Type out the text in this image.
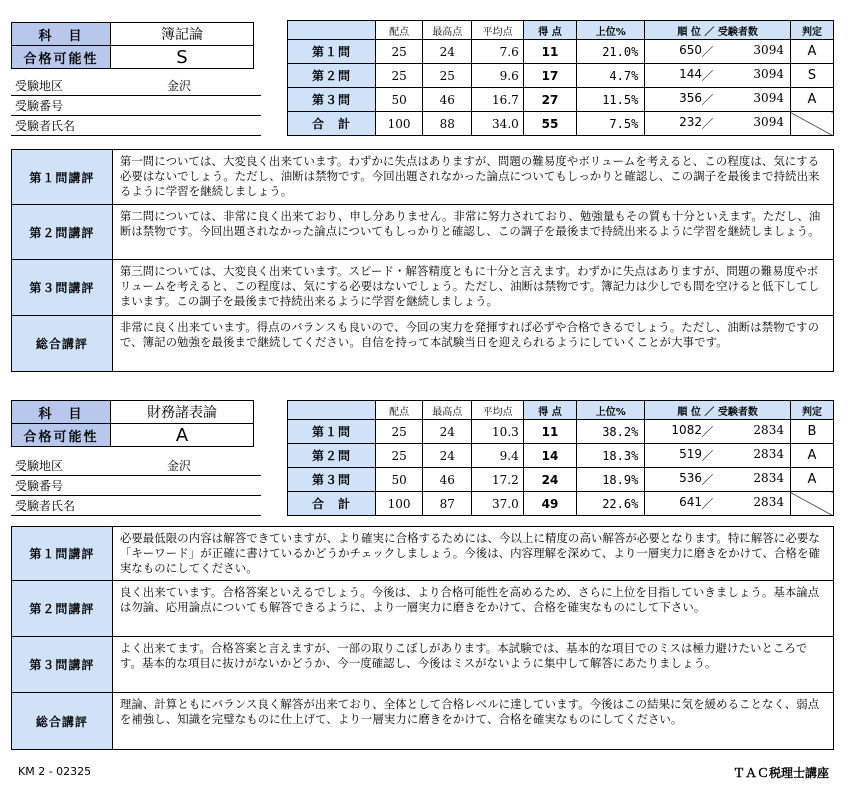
科　目	簿記論
合格可能性	S
受験地区	金沢
受験番号
受験者氏名
	配点	最高点	平均点	得 点	上位%	順 位 ／ 受験者数	判定
第１問	25	24	7.6	11	21.0%	650 ／ 3094	A
第２問	25	25	9.6	17	4.7%	144 ／ 3094	S
第３問	50	46	16.7	27	11.5%	356 ／ 3094	A
合　計	100	88	34.0	55	7.5%	232 ／ 3094	

第１問講評	第一問については、大変良く出来ています。わずかに失点はありますが、問題の難易度やボリュームを考えると、この程度は、気にする必要はないでしょう。ただし、油断は禁物です。今回出題されなかった論点についてもしっかりと確認し、この調子を最後まで持続出来るように学習を継続しましょう。
第２問講評	第二問については、非常に良く出来ており、申し分ありません。非常に努力されており、勉強量もその質も十分といえます。ただし、油断は禁物です。今回出題されなかった論点についてもしっかりと確認し、この調子を最後まで持続出来るように学習を継続しましょう。
第３問講評	第三問については、大変良く出来ています。スピード・解答精度ともに十分と言えます。わずかに失点はありますが、問題の難易度やボリュームを考えると、この程度は、気にする必要はないでしょう。ただし、油断は禁物です。簿記力は少しでも間を空けると低下してしまいます。この調子を最後まで持続出来るように学習を継続しましょう。
総合講評	非常に良く出来ています。得点のバランスも良いので、今回の実力を発揮すれば必ずや合格できるでしょう。ただし、油断は禁物ですので、簿記の勉強を最後まで継続してください。自信を持って本試験当日を迎えられるようにしていくことが大事です。
科　目	財務諸表論
合格可能性	A
受験地区	金沢
受験番号
受験者氏名
	配点	最高点	平均点	得 点	上位%	順 位 ／ 受験者数	判定
第１問	25	24	10.3	11	38.2%	1082 ／ 2834	B
第２問	25	24	9.4	14	18.3%	519 ／ 2834	A
第３問	50	46	17.2	24	18.9%	536 ／ 2834	A
合　計	100	87	37.0	49	22.6%	641 ／ 2834	

第１問講評	必要最低限の内容は解答できていますが、より確実に合格するためには、今以上に精度の高い解答が必要となります。特に解答に必要な「キーワード」が正確に書けているかどうかチェックしましょう。今後は、内容理解を深めて、より一層実力に磨きをかけて、合格を確実なものにしてください。
第２問講評	良く出来ています。合格答案といえるでしょう。今後は、より合格可能性を高めるため、さらに上位を目指していきましょう。基本論点は勿論、応用論点についても解答できるように、より一層実力に磨きをかけて、合格を確実なものにして下さい。
第３問講評	よく出来てます。合格答案と言えますが、一部の取りこぼしがあります。本試験では、基本的な項目でのミスは極力避けたいところです。基本的な項目に抜けがないかどうか、今一度確認し、今後はミスがないように集中して解答にあたりましょう。
総合講評	理論、計算ともにバランス良く解答が出来ており、全体として合格レベルに達しています。今後はこの結果に気を緩めることなく、弱点を補強し、知識を完璧なものに仕上げて、より一層実力に磨きをかけて、合格を確実なものにしてください。
KM 2 - 02325	ＴＡＣ税理士講座
